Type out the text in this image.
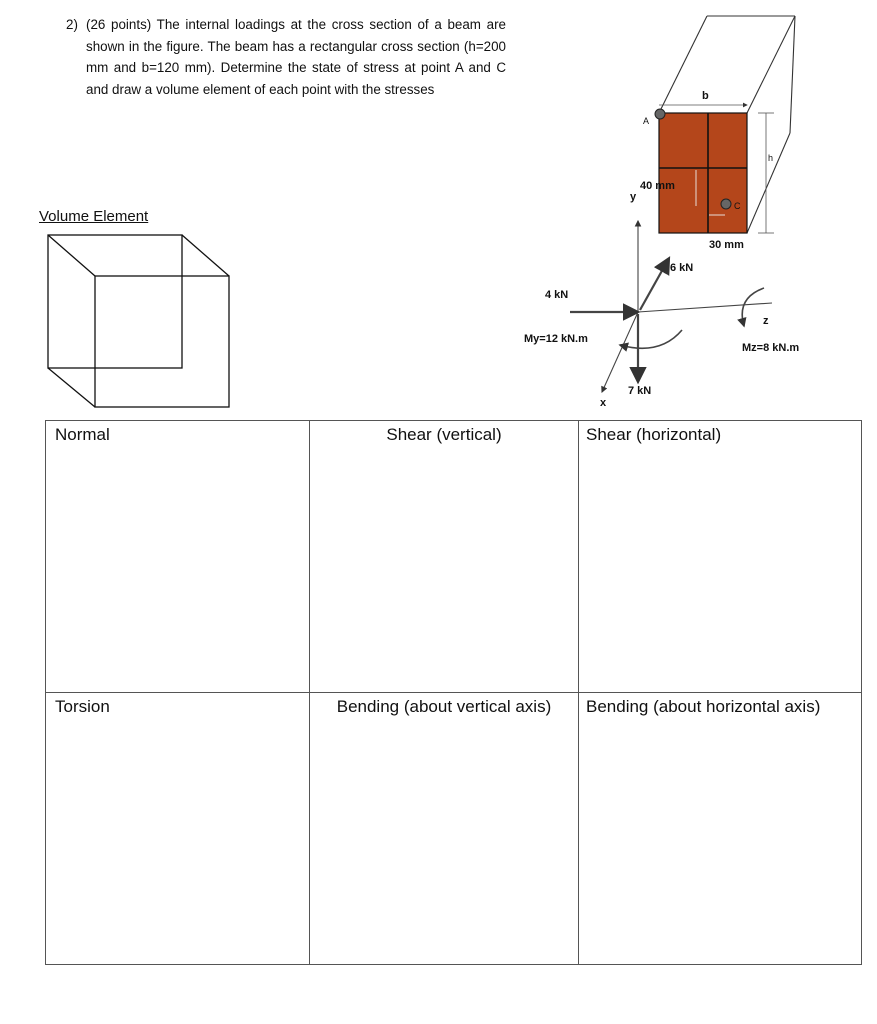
2) (26 points) The internal loadings at the cross section of a beam are shown in the figure. The beam has a rectangular cross section (h=200 mm and b=120 mm). Determine the state of stress at point A and C and draw a volume element of each point with the stresses
Volume Element
b
h
A
C
40 mm
30 mm
y
x
z
6 kN
4 kN
7 kN
My=12 kN.m
Mz=8 kN.m
Normal	Shear (vertical)	Shear (horizontal)

Torsion	Bending (about vertical axis)	Bending (about horizontal axis)
